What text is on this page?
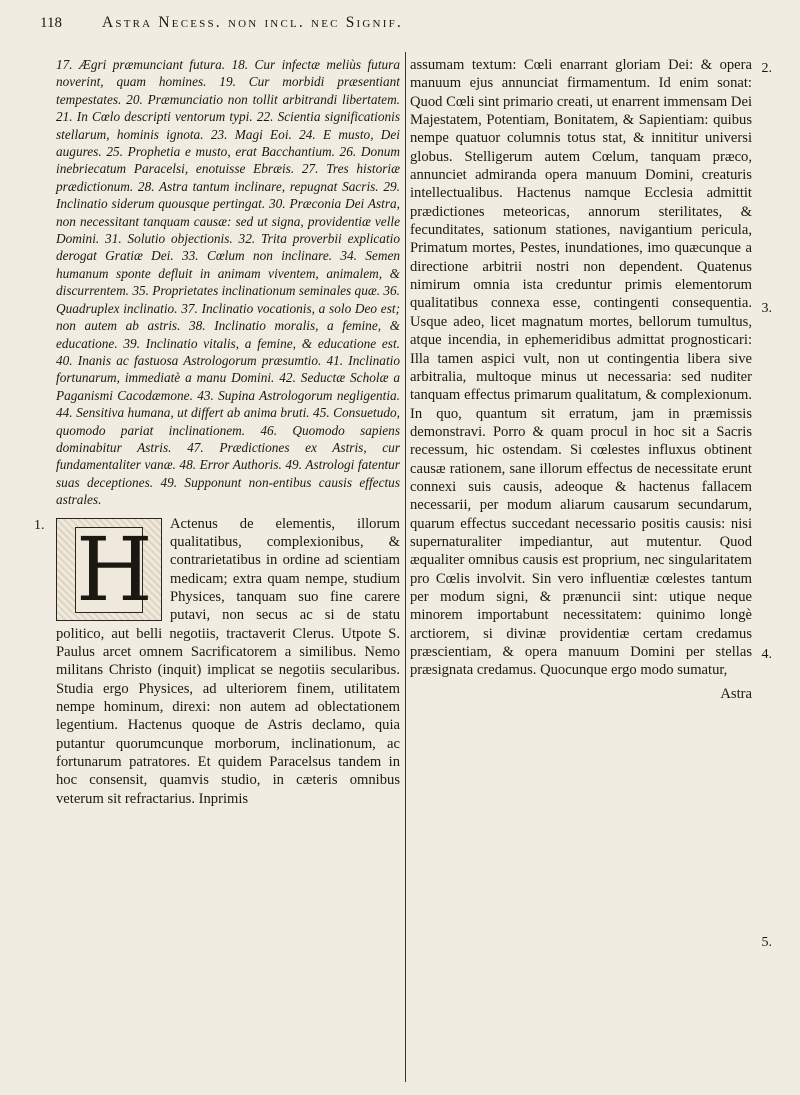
118	Astra Necess. non incl. nec Signif.

17. Ægri præmunciant futura. 18. Cur infectæ meliùs futura noverint, quam homines. 19. Cur morbidi præsentiant tempestates. 20. Præmunciatio non tollit arbitrandi libertatem. 21. In Cœlo descripti ventorum typi. 22. Scientia significationis stellarum, hominis ignota. 23. Magi Eoi. 24. E musto, Dei augures. 25. Prophetia e musto, erat Bacchantium. 26. Donum inebriecatum Paracelsi, enotuisse Ebræis. 27. Tres historiæ prædictionum. 28. Astra tantum inclinare, repugnat Sacris. 29. Inclinatio siderum quousque pertingat. 30. Præconia Dei Astra, non necessitant tanquam causæ: sed ut signa, providentiæ velle Domini. 31. Solutio objectionis. 32. Trita proverbii explicatio derogat Gratiæ Dei. 33. Cœlum non inclinare. 34. Semen humanum sponte defluit in animam viventem, animalem, & discurrentem. 35. Proprietates inclinationum seminales quæ. 36. Quadruplex inclinatio. 37. Inclinatio vocationis, a solo Deo est; non autem ab astris. 38. Inclinatio moralis, a femine, & educatione. 39. Inclinatio vitalis, a femine, & educatione est. 40. Inanis ac fastuosa Astrologorum præsumtio. 41. Inclinatio fortunarum, immediatè a manu Domini. 42. Seductæ Scholæ a Paganismi Cacodæmone. 43. Supina Astrologorum negligentia. 44. Sensitiva humana, ut differt ab anima bruti. 45. Consuetudo, quomodo pariat inclinationem. 46. Quomodo sapiens dominabitur Astris. 47. Prædictiones ex Astris, cur fundamentaliter vanæ. 48. Error Authoris. 49. Astrologi fatentur suas deceptiones. 49. Supponunt non-entibus causis effectus astrales.

1. H	Actenus de elementis, illorum qualitatibus, complexionibus, & contrarietatibus in ordine ad scientiam medicam; extra quam nempe, studium Physices, tanquam suo fine carere putavi, non secus ac si de statu politico, aut belli negotiis, tractaverit Clerus. Utpote S. Paulus arcet omnem Sacrificatorem a similibus. Nemo militans Christo (inquit) implicat se negotiis secularibus. Studia ergo Physices, ad ulteriorem finem, utilitatem nempe hominum, direxi: non autem ad oblectationem legentium. Hactenus quoque de Astris declamo, quia putantur quorumcunque morborum, inclinationum, ac fortunarum patratores. Et quidem Paracelsus tandem in hoc consensit, quamvis studio, in cæteris omnibus veterum sit refractarius. Inprimis

assumam textum: Cœli enarrant gloriam Dei: & opera manuum ejus annunciat firmamentum. Id enim sonat: Quod Cœli sint primario creati, ut enarrent immensam Dei Majestatem, Potentiam, Bonitatem, & Sapientiam: quibus nempe quatuor columnis totus stat, & innititur universi globus. Stelligerum autem Cœlum, tanquam præco, annunciet admiranda opera manuum Domini, creaturis intellectualibus. Hactenus namque Ecclesia admittit prædictiones meteoricas, annorum sterilitates, & fecunditates, sationum stationes, navigantium pericula, Primatum mortes, Pestes, inundationes, imo quæcunque a directione arbitrii nostri non dependent. Quatenus nimirum omnia ista creduntur primis elementorum qualitatibus connexa esse, contingenti consequentia. Usque adeo, licet magnatum mortes, bellorum tumultus, atque incendia, in ephemeridibus admittat prognosticari: Illa tamen aspici vult, non ut contingentia libera sive arbitralia, multoque minus ut necessaria: sed nuditer tanquam effectus primarum qualitatum, & complexionum. In quo, quantum sit erratum, jam in præmissis demonstravi. Porro & quam procul in hoc sit a Sacris recessum, hic ostendam. Si cœlestes influxus obtinent causæ rationem, sane illorum effectus de necessitate erunt connexi suis causis, adeoque & hactenus fallacem necessarii, per modum aliarum causarum secundarum, quarum effectus succedant necessario positis causis: nisi supernaturaliter impediantur, aut mutentur. Quod æqualiter omnibus causis est proprium, nec singularitatem pro Cœlis involvit. Sin vero influentiæ cœlestes tantum per modum signi, & prænuncii sint: utique neque minorem importabunt necessitatem: quinimo longè arctiorem, si divinæ providentiæ certam credamus præscientiam, & opera manuum Domini per stellas præsignata credamus. Quocunque ergo modo sumatur,

2.
3.
4.
5.
Astra
